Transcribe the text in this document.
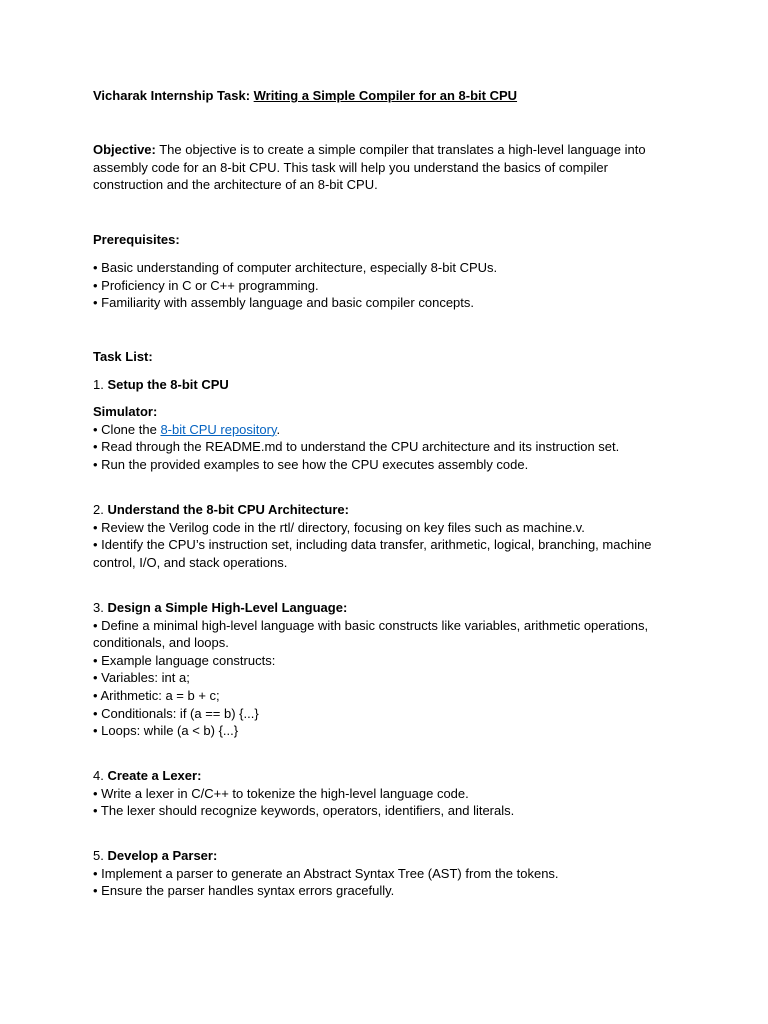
Vicharak Internship Task: Writing a Simple Compiler for an 8-bit CPU
Objective: The objective is to create a simple compiler that translates a high-level language into assembly code for an 8-bit CPU. This task will help you understand the basics of compiler construction and the architecture of an 8-bit CPU.
Prerequisites:
• Basic understanding of computer architecture, especially 8-bit CPUs.
• Proficiency in C or C++ programming.
• Familiarity with assembly language and basic compiler concepts.
Task List:
1. Setup the 8-bit CPU
Simulator:
• Clone the 8-bit CPU repository.
• Read through the README.md to understand the CPU architecture and its instruction set.
• Run the provided examples to see how the CPU executes assembly code.
2. Understand the 8-bit CPU Architecture:
• Review the Verilog code in the rtl/ directory, focusing on key files such as machine.v.
• Identify the CPU’s instruction set, including data transfer, arithmetic, logical, branching, machine control, I/O, and stack operations.
3. Design a Simple High-Level Language:
• Define a minimal high-level language with basic constructs like variables, arithmetic operations, conditionals, and loops.
• Example language constructs:
• Variables: int a;
• Arithmetic: a = b + c;
• Conditionals: if (a == b) {...}
• Loops: while (a < b) {...}
4. Create a Lexer:
• Write a lexer in C/C++ to tokenize the high-level language code.
• The lexer should recognize keywords, operators, identifiers, and literals.
5. Develop a Parser:
• Implement a parser to generate an Abstract Syntax Tree (AST) from the tokens.
• Ensure the parser handles syntax errors gracefully.
